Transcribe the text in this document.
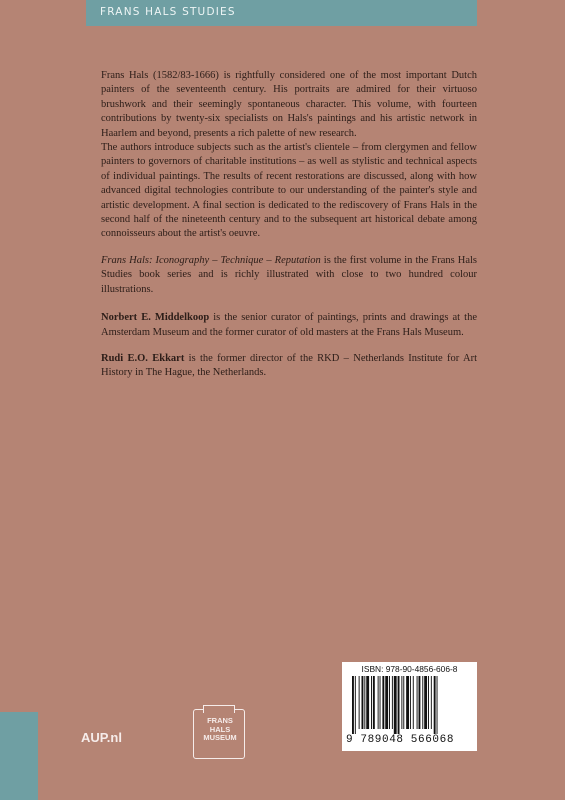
FRANS HALS STUDIES

Frans Hals (1582/83-1666) is rightfully considered one of the most important Dutch painters of the seventeenth century. His portraits are admired for their virtuoso brushwork and their seemingly spontaneous character. This volume, with fourteen contributions by twenty-six specialists on Hals's paintings and his artistic network in Haarlem and beyond, presents a rich palette of new research.

The authors introduce subjects such as the artist's clientele – from clergymen and fellow painters to governors of charitable institutions – as well as stylistic and technical aspects of individual paintings. The results of recent restorations are discussed, along with how advanced digital technologies contribute to our understanding of the painter's style and artistic development. A final section is dedicated to the rediscovery of Frans Hals in the second half of the nineteenth century and to the subsequent art historical debate among connoisseurs about the artist's oeuvre.

Frans Hals: Iconography – Technique – Reputation is the first volume in the Frans Hals Studies book series and is richly illustrated with close to two hundred colour illustrations.

Norbert E. Middelkoop is the senior curator of paintings, prints and drawings at the Amsterdam Museum and the former curator of old masters at the Frans Hals Museum.

Rudi E.O. Ekkart is the former director of the RKD – Netherlands Institute for Art History in The Hague, the Netherlands.

AUP.nl
FRANS
HALS
MUSEUM
ISBN: 978-90-4856-606-8
9 789048 566068
